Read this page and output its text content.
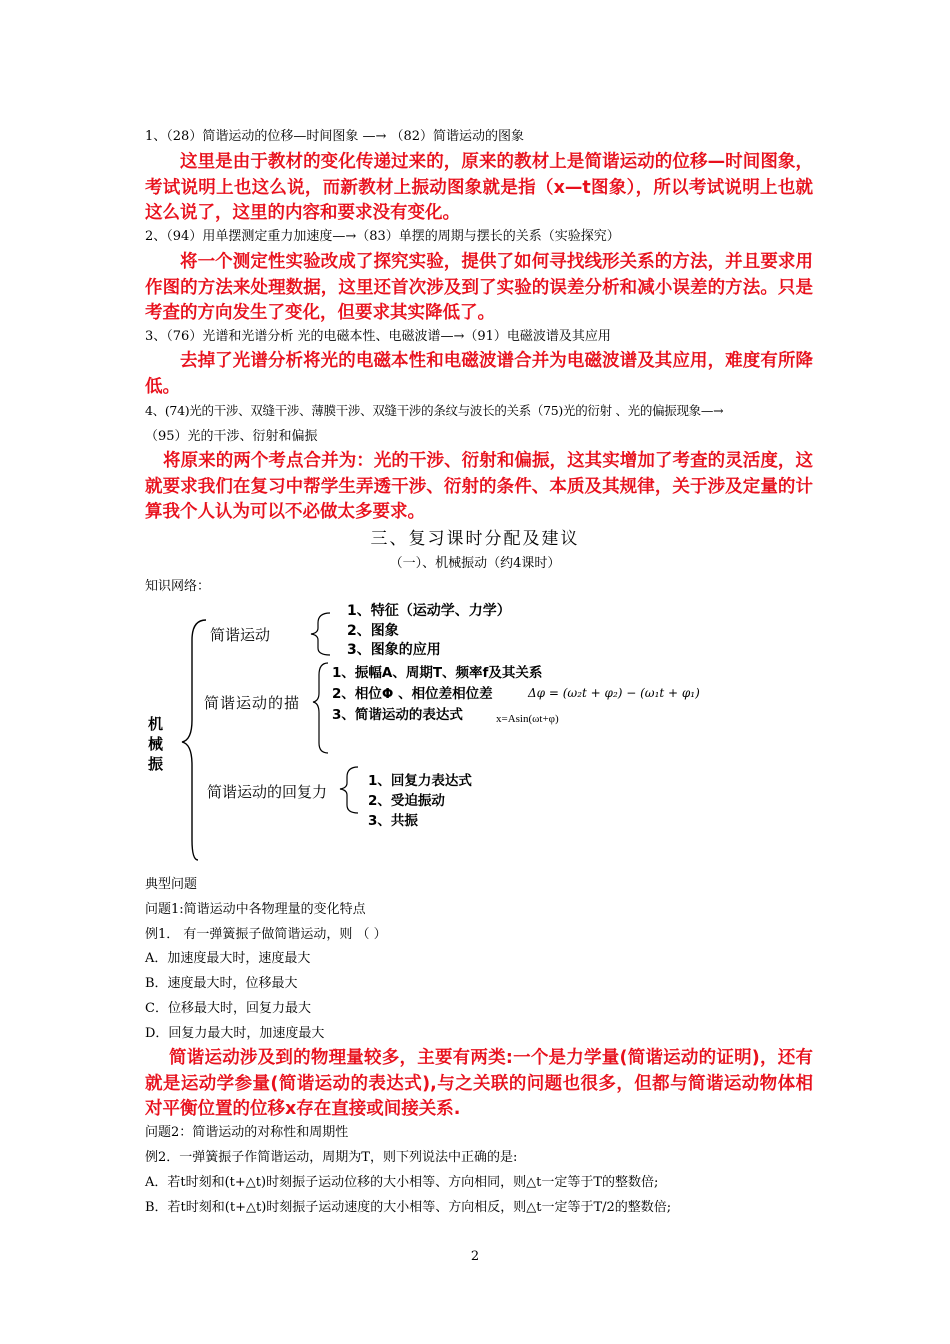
1、（28）简谐运动的位移—时间图象 —→ （82）简谐运动的图象
这里是由于教材的变化传递过来的，原来的教材上是简谐运动的位移—时间图象，考试说明上也这么说，而新教材上振动图象就是指（x—t图象），所以考试说明上也就这么说了，这里的内容和要求没有变化。
2、（94）用单摆测定重力加速度—→（83）单摆的周期与摆长的关系（实验探究）
将一个测定性实验改成了探究实验，提供了如何寻找线形关系的方法，并且要求用作图的方法来处理数据，这里还首次涉及到了实验的误差分析和减小误差的方法。只是考查的方向发生了变化，但要求其实降低了。
3、（76）光谱和光谱分析 光的电磁本性、电磁波谱—→（91）电磁波谱及其应用
去掉了光谱分析将光的电磁本性和电磁波谱合并为电磁波谱及其应用，难度有所降低。
4、(74)光的干涉、双缝干涉、薄膜干涉、双缝干涉的条纹与波长的关系（75)光的衍射 、光的偏振现象—→
（95）光的干涉、衍射和偏振
将原来的两个考点合并为：光的干涉、衍射和偏振，这其实增加了考查的灵活度，这就要求我们在复习中帮学生弄透干涉、衍射的条件、本质及其规律，关于涉及定量的计算我个人认为可以不必做太多要求。
三、复习课时分配及建议
（一）、机械振动（约4课时）
知识网络：
机
械
振
简谐运动
1、特征（运动学、力学）
2、图象
3、图象的应用
简谐运动的描
1、振幅A、周期T、频率f及其关系
2、相位Φ 、相位差相位差
3、简谐运动的表达式
Δφ = (ω₂t + φ₂) − (ω₁t + φ₁)
x=Asin(ωt+φ)
简谐运动的回复力
1、回复力表达式
2、受迫振动
3、共振
典型问题
问题1:简谐运动中各物理量的变化特点
例1． 有一弹簧振子做简谐运动，则 （ ）
A．加速度最大时，速度最大
B．速度最大时，位移最大
C．位移最大时，回复力最大
D．回复力最大时，加速度最大
简谐运动涉及到的物理量较多，主要有两类:一个是力学量(简谐运动的证明)，还有就是运动学参量(简谐运动的表达式),与之关联的问题也很多，但都与简谐运动物体相对平衡位置的位移x存在直接或间接关系.
问题2：简谐运动的对称性和周期性
例2．一弹簧振子作简谐运动，周期为T，则下列说法中正确的是:
A．若t时刻和(t+△t)时刻振子运动位移的大小相等、方向相同，则△t一定等于T的整数倍;
B．若t时刻和(t+△t)时刻振子运动速度的大小相等、方向相反，则△t一定等于T/2的整数倍;
2
